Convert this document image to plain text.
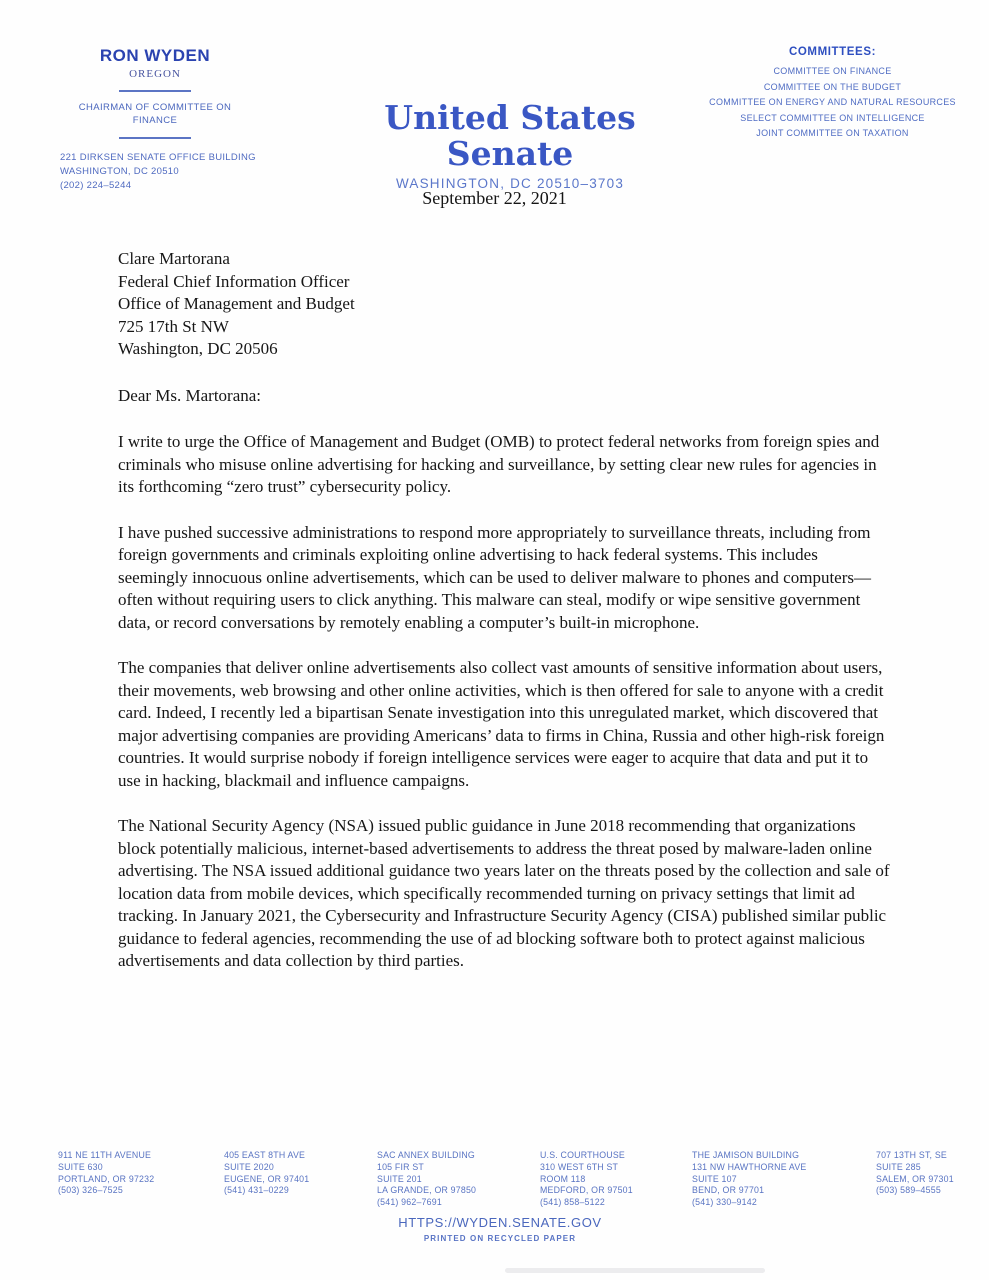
RON WYDEN
OREGON
CHAIRMAN OF COMMITTEE ON
FINANCE
221 DIRKSEN SENATE OFFICE BUILDING
WASHINGTON, DC 20510
(202) 224–5244
United States Senate
WASHINGTON, DC 20510–3703
COMMITTEES:
COMMITTEE ON FINANCE
COMMITTEE ON THE BUDGET
COMMITTEE ON ENERGY AND NATURAL RESOURCES
SELECT COMMITTEE ON INTELLIGENCE
JOINT COMMITTEE ON TAXATION
September 22, 2021
Clare Martorana
Federal Chief Information Officer
Office of Management and Budget
725 17th St NW
Washington, DC 20506
Dear Ms. Martorana:
I write to urge the Office of Management and Budget (OMB) to protect federal networks from foreign spies and criminals who misuse online advertising for hacking and surveillance, by setting clear new rules for agencies in its forthcoming “zero trust” cybersecurity policy.
I have pushed successive administrations to respond more appropriately to surveillance threats, including from foreign governments and criminals exploiting online advertising to hack federal systems. This includes seemingly innocuous online advertisements, which can be used to deliver malware to phones and computers—often without requiring users to click anything. This malware can steal, modify or wipe sensitive government data, or record conversations by remotely enabling a computer’s built-in microphone.
The companies that deliver online advertisements also collect vast amounts of sensitive information about users, their movements, web browsing and other online activities, which is then offered for sale to anyone with a credit card. Indeed, I recently led a bipartisan Senate investigation into this unregulated market, which discovered that major advertising companies are providing Americans’ data to firms in China, Russia and other high-risk foreign countries. It would surprise nobody if foreign intelligence services were eager to acquire that data and put it to use in hacking, blackmail and influence campaigns.
The National Security Agency (NSA) issued public guidance in June 2018 recommending that organizations block potentially malicious, internet-based advertisements to address the threat posed by malware-laden online advertising. The NSA issued additional guidance two years later on the threats posed by the collection and sale of location data from mobile devices, which specifically recommended turning on privacy settings that limit ad tracking. In January 2021, the Cybersecurity and Infrastructure Security Agency (CISA) published similar public guidance to federal agencies, recommending the use of ad blocking software both to protect against malicious advertisements and data collection by third parties.
911 NE 11TH AVENUE
SUITE 630
PORTLAND, OR 97232
(503) 326–7525
405 EAST 8TH AVE
SUITE 2020
EUGENE, OR 97401
(541) 431–0229
SAC ANNEX BUILDING
105 FIR ST
SUITE 201
LA GRANDE, OR 97850
(541) 962–7691
U.S. COURTHOUSE
310 WEST 6TH ST
ROOM 118
MEDFORD, OR 97501
(541) 858–5122
THE JAMISON BUILDING
131 NW HAWTHORNE AVE
SUITE 107
BEND, OR 97701
(541) 330–9142
707 13TH ST, SE
SUITE 285
SALEM, OR 97301
(503) 589–4555
HTTPS://WYDEN.SENATE.GOV
PRINTED ON RECYCLED PAPER
